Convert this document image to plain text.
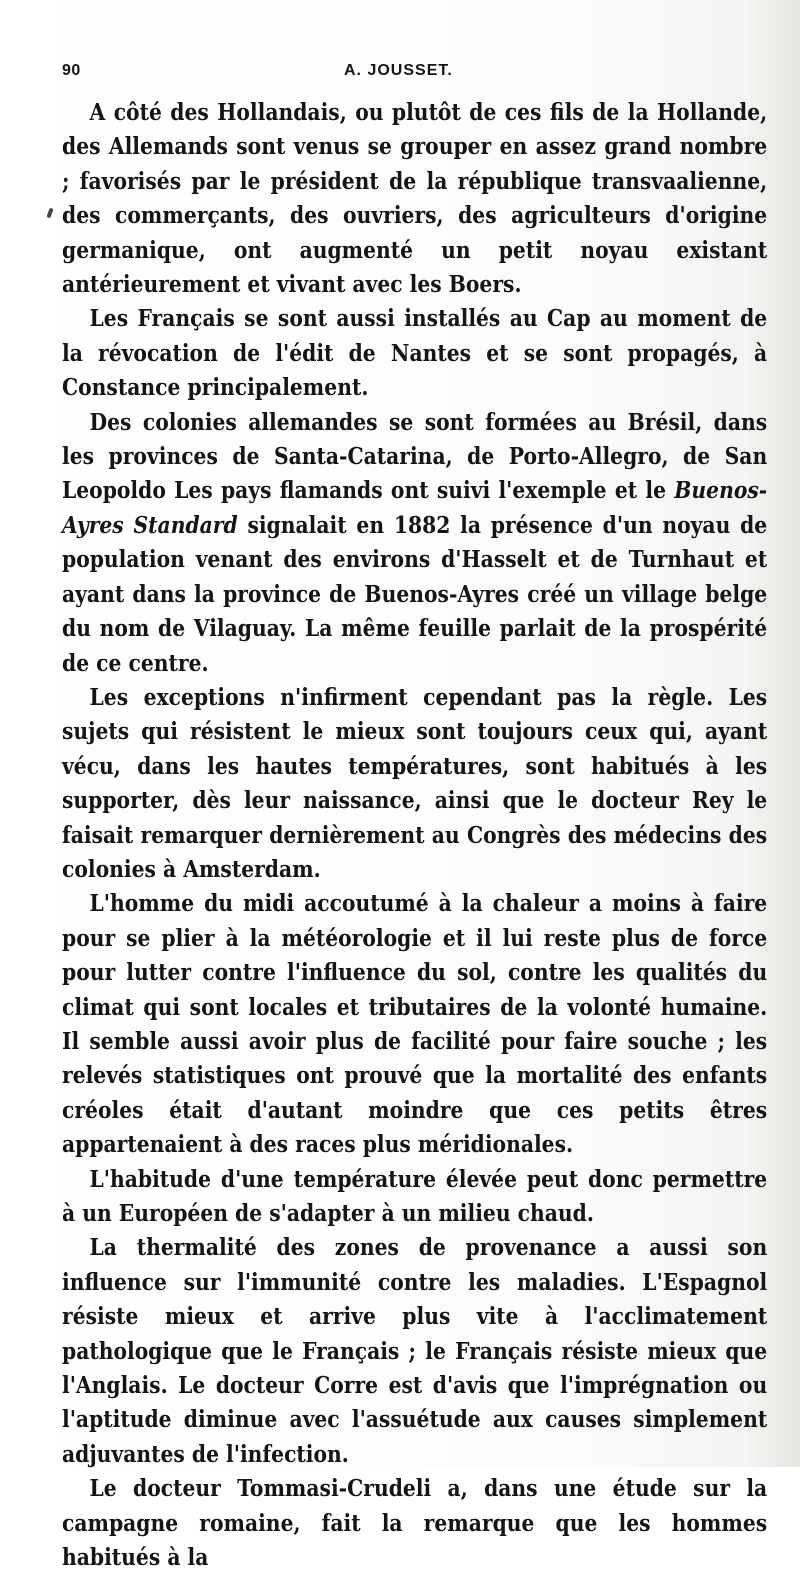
90	A. JOUSSET.

A côté des Hollandais, ou plutôt de ces fils de la Hollande, des Allemands sont venus se grouper en assez grand nombre ; favorisés par le président de la république transvaalienne, des commerçants, des ouvriers, des agriculteurs d'origine germanique, ont augmenté un petit noyau existant antérieurement et vivant avec les Boers.

Les Français se sont aussi installés au Cap au moment de la révocation de l'édit de Nantes et se sont propagés, à Constance principalement.

Des colonies allemandes se sont formées au Brésil, dans les provinces de Santa-Catarina, de Porto-Allegro, de San Leopoldo Les pays flamands ont suivi l'exemple et le Buenos-Ayres Standard signalait en 1882 la présence d'un noyau de population venant des environs d'Hasselt et de Turnhaut et ayant dans la province de Buenos-Ayres créé un village belge du nom de Vilaguay. La même feuille parlait de la prospérité de ce centre.

Les exceptions n'infirment cependant pas la règle. Les sujets qui résistent le mieux sont toujours ceux qui, ayant vécu, dans les hautes températures, sont habitués à les supporter, dès leur naissance, ainsi que le docteur Rey le faisait remarquer dernièrement au Congrès des médecins des colonies à Amsterdam.

L'homme du midi accoutumé à la chaleur a moins à faire pour se plier à la météorologie et il lui reste plus de force pour lutter contre l'influence du sol, contre les qualités du climat qui sont locales et tributaires de la volonté humaine. Il semble aussi avoir plus de facilité pour faire souche ; les relevés statistiques ont prouvé que la mortalité des enfants créoles était d'autant moindre que ces petits êtres appartenaient à des races plus méridionales.

L'habitude d'une température élevée peut donc permettre à un Européen de s'adapter à un milieu chaud.

La thermalité des zones de provenance a aussi son influence sur l'immunité contre les maladies. L'Espagnol résiste mieux et arrive plus vite à l'acclimatement pathologique que le Français ; le Français résiste mieux que l'Anglais. Le docteur Corre est d'avis que l'imprégnation ou l'aptitude diminue avec l'assuétude aux causes simplement adjuvantes de l'infection.

Le docteur Tommasi-Crudeli a, dans une étude sur la campagne romaine, fait la remarque que les hommes habitués à la
